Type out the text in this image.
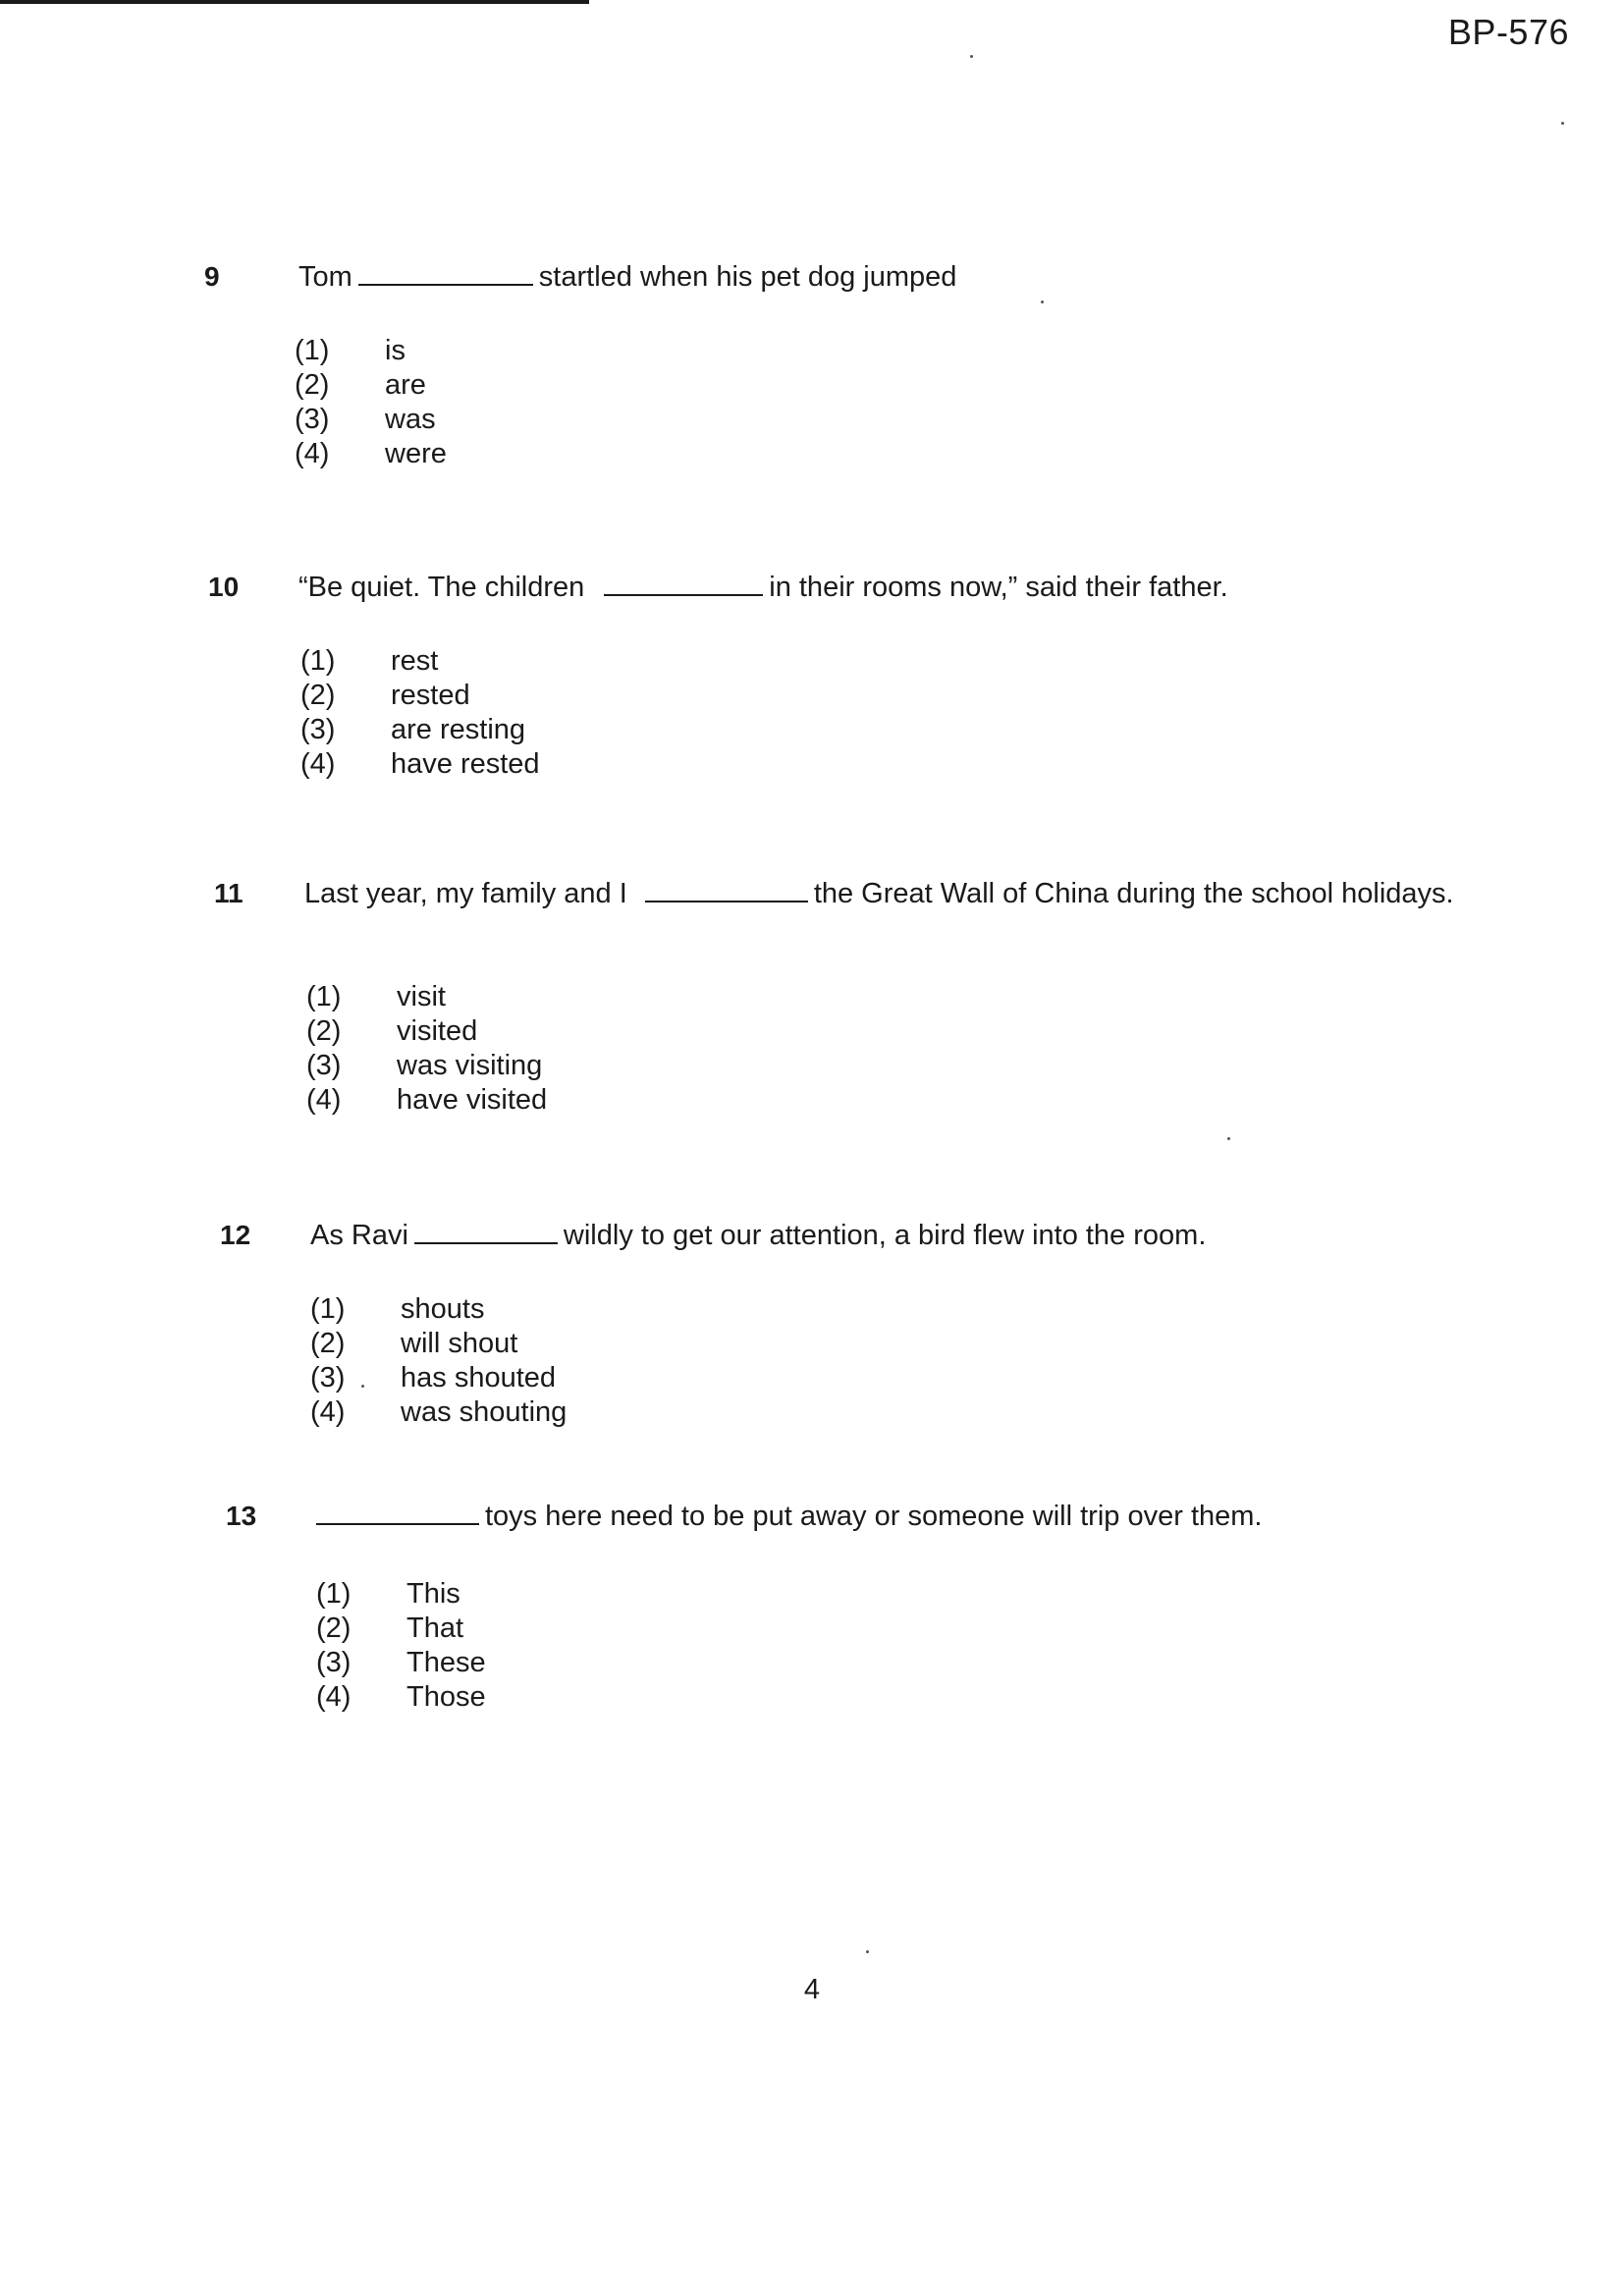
BP-576
9	Tom	startled when his pet dog jumped
(1) is
(2) are
(3) was
(4) were
10 “Be quiet. The children	in their rooms now,” said their father.
(1) rest
(2) rested
(3) are resting
(4) have rested
11 Last year, my family and I	the Great Wall of China during the school holidays.
(1) visit
(2) visited
(3) was visiting
(4) have visited
12 As Ravi	wildly to get our attention, a bird flew into the room.
(1) shouts
(2) will shout
(3) has shouted
(4) was shouting
13	toys here need to be put away or someone will trip over them.
(1) This
(2) That
(3) These
(4) Those
4
